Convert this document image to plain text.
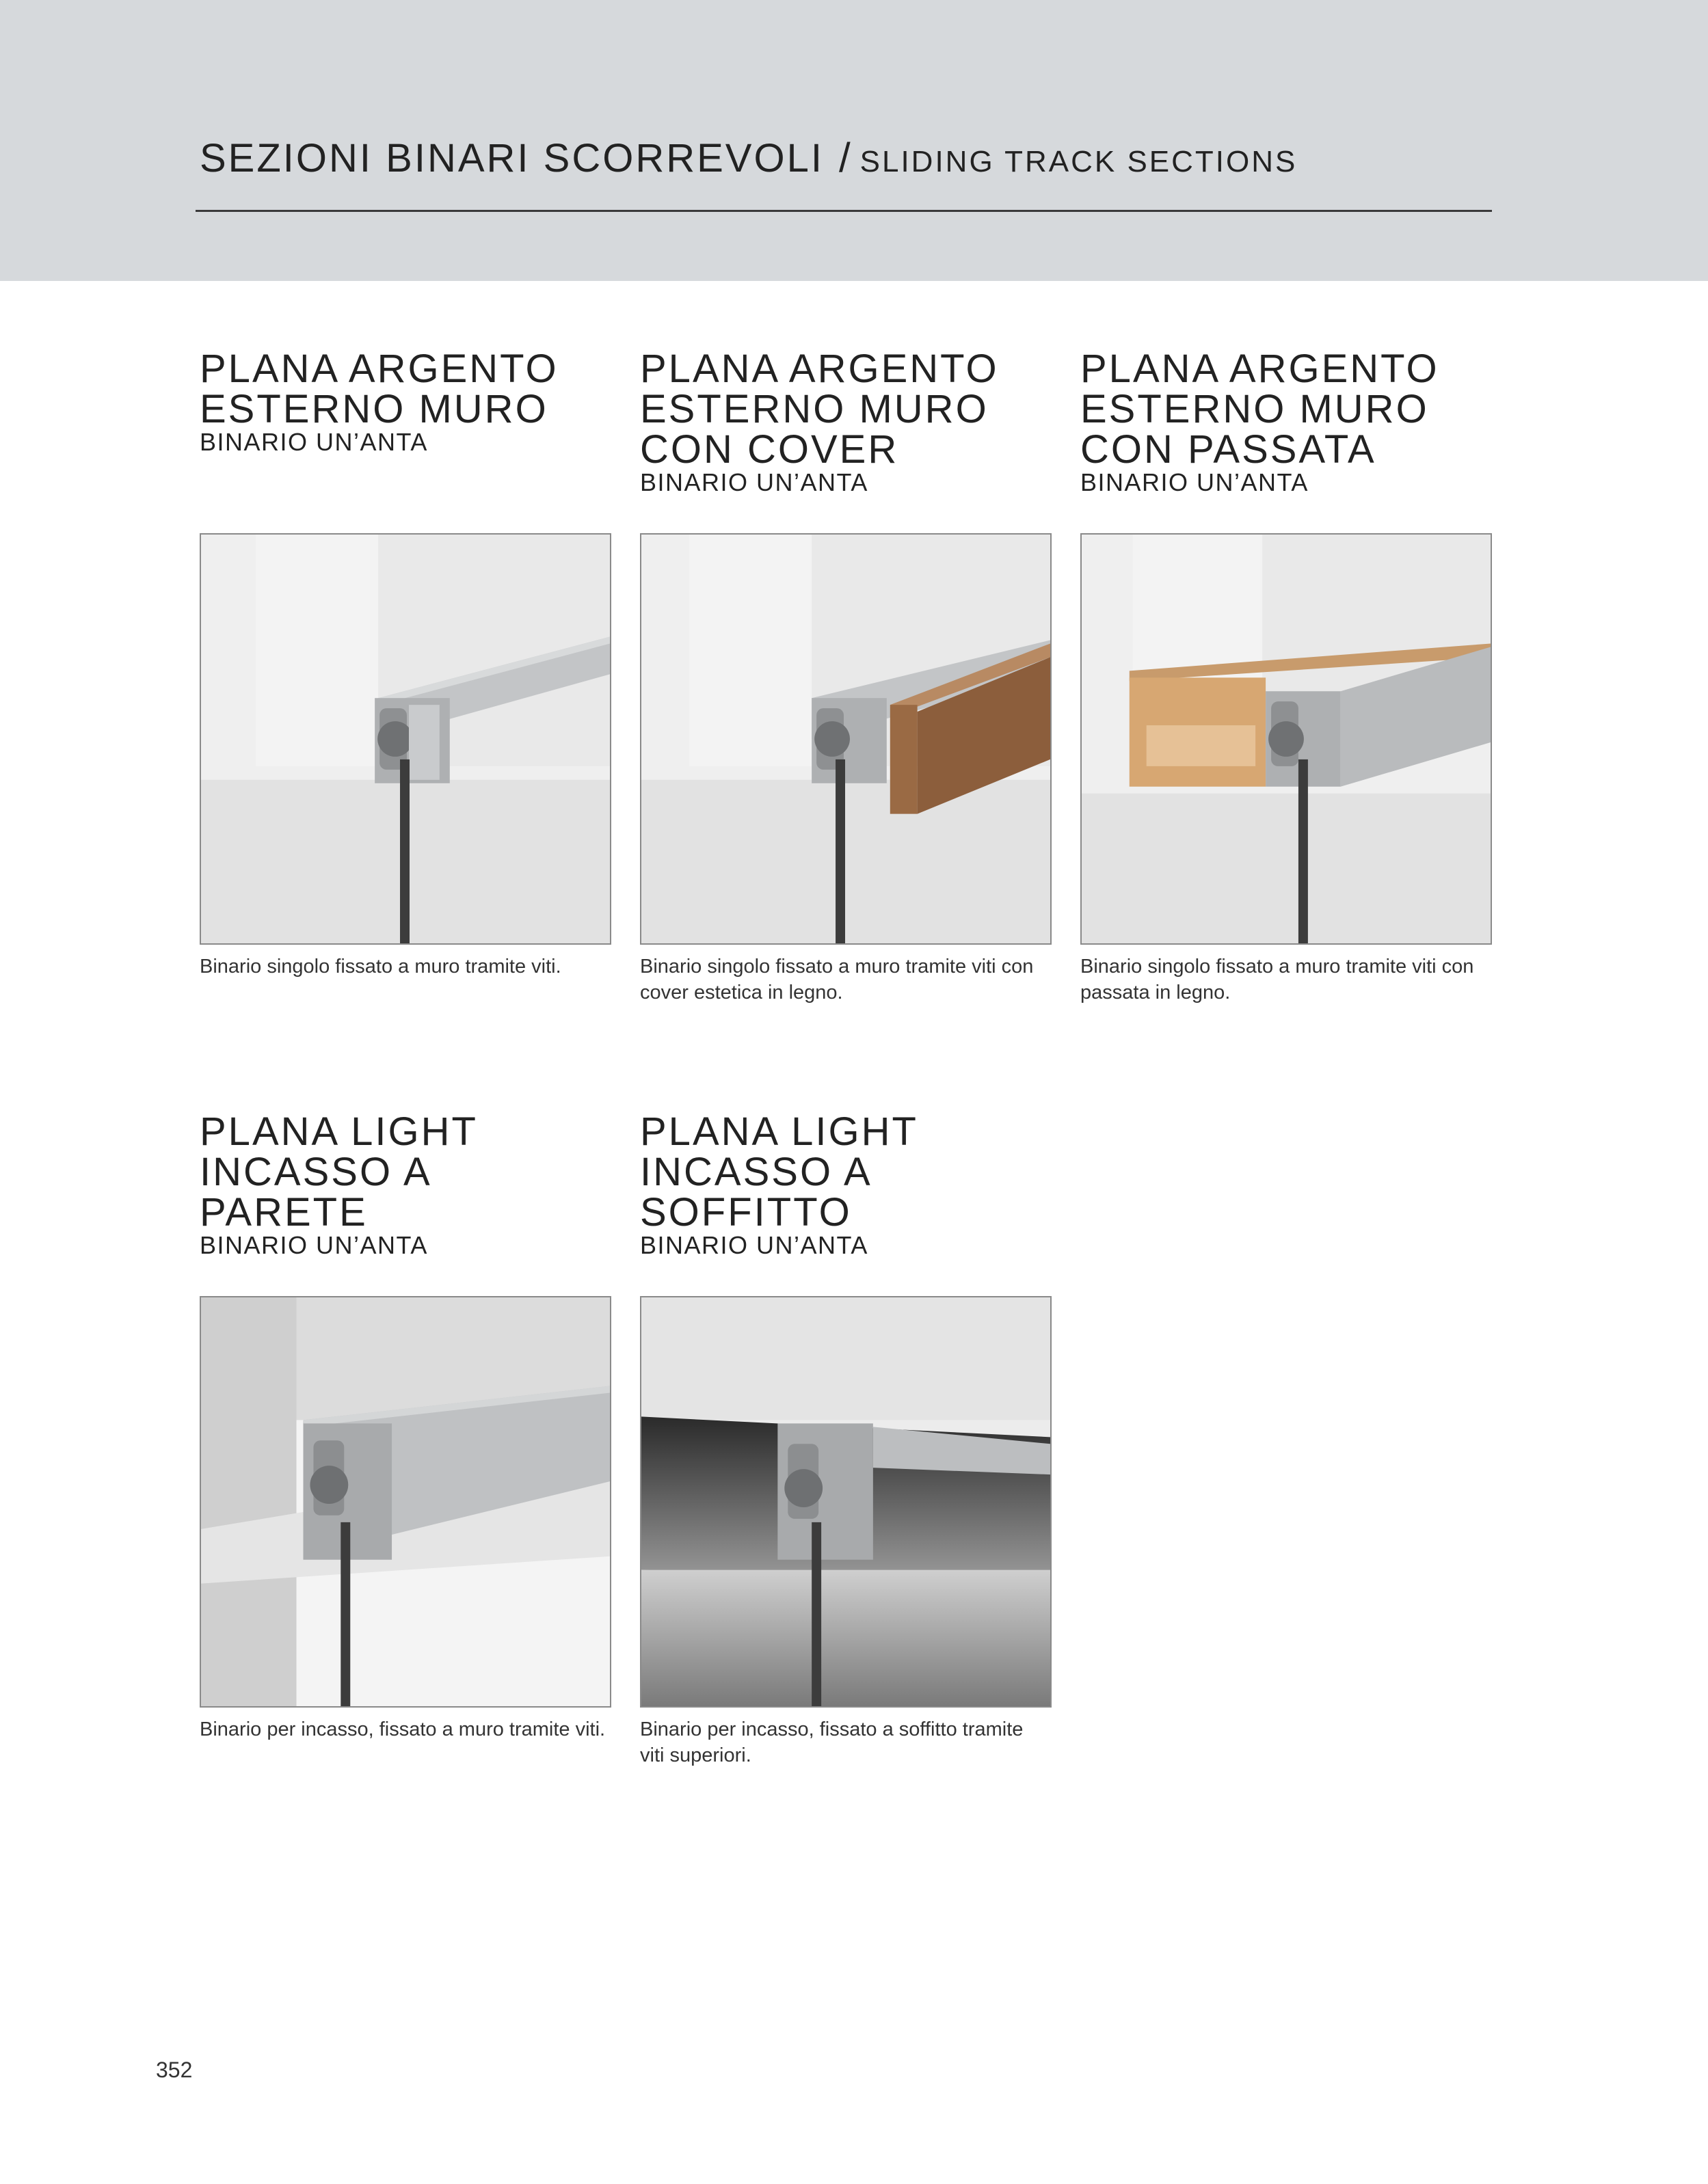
SEZIONI BINARI SCORREVOLI / SLIDING TRACK SECTIONS
PLANA ARGENTO
ESTERNO MURO
BINARIO UN’ANTA
Binario singolo fissato a muro tramite viti.
PLANA ARGENTO
ESTERNO MURO
CON COVER
BINARIO UN’ANTA
Binario singolo fissato a muro tramite viti con cover estetica in legno.
PLANA ARGENTO
ESTERNO MURO
CON PASSATA
BINARIO UN’ANTA
Binario singolo fissato a muro tramite viti con passata in legno.
PLANA LIGHT
INCASSO A
PARETE
BINARIO UN’ANTA
Binario per incasso, fissato a muro tramite viti.
PLANA LIGHT
INCASSO A
SOFFITTO
BINARIO UN’ANTA
Binario per incasso, fissato a soffitto tramite viti superiori.
352
